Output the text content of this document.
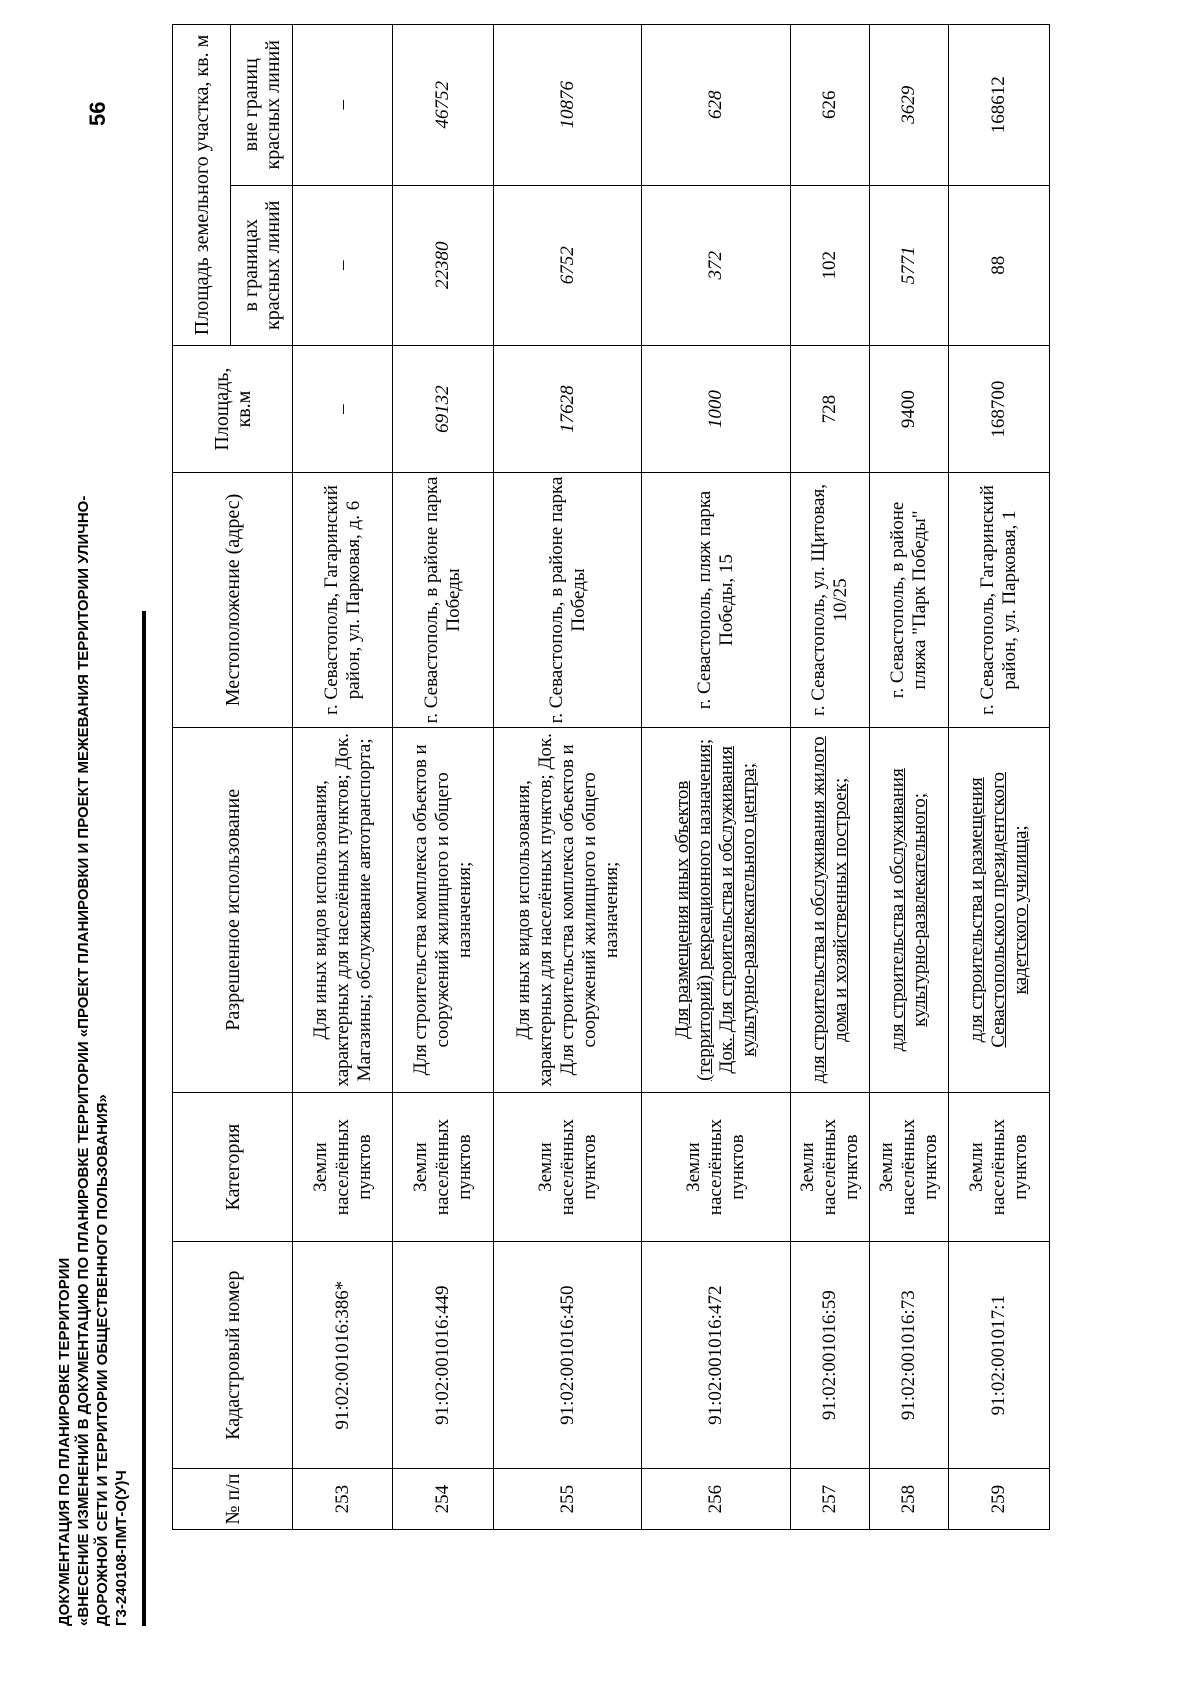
ДОКУМЕНТАЦИЯ ПО ПЛАНИРОВКЕ ТЕРРИТОРИИ «ВНЕСЕНИЕ ИЗМЕНЕНИЙ В ДОКУМЕНТАЦИЮ ПО ПЛАНИРОВКЕ ТЕРРИТОРИИ «ПРОЕКТ ПЛАНИРОВКИ И ПРОЕКТ МЕЖЕВАНИЯ ТЕРРИТОРИИ УЛИЧНО- ДОРОЖНОЙ СЕТИ И ТЕРРИТОРИИ ОБЩЕСТВЕННОГО ПОЛЬЗОВАНИЯ» Г3-240108-ПМТ-О(У)Ч
56
№ п/п	Кадастровый номер	Категория	Разрешенное использование	Местоположение (адрес)	Площадь, кв.м	Площадь земельного участка, кв. м	
						в границах красных линий	вне границ красных линий
253	91:02:001016:386*	Земли населённых пунктов	Для иных видов использования, характерных для населённых пунктов; Док. Магазины; обслуживание автотранспорта;	г. Севастополь, Гагаринский район, ул. Парковая, д. 6	–	–	–
254	91:02:001016:449	Земли населённых пунктов	Для строительства комплекса объектов и сооружений жилищного и общего назначения;	г. Севастополь, в районе парка Победы	69132	22380	46752
255	91:02:001016:450	Земли населённых пунктов	Для иных видов использования, характерных для населённых пунктов; Док. Для строительства комплекса объектов и сооружений жилищного и общего назначения;	г. Севастополь, в районе парка Победы	17628	6752	10876
256	91:02:001016:472	Земли населённых пунктов	Для размещения иных объектов (территорий) рекреационного назначения; Док. Для строительства и обслуживания культурно-развлекательного центра;	г. Севастополь, пляж парка Победы, 15	1000	372	628
257	91:02:001016:59	Земли населённых пунктов	для строительства и обслуживания жилого дома и хозяйственных построек;	г. Севастополь, ул. Щитовая, 10/25	728	102	626
258	91:02:001016:73	Земли населённых пунктов	для строительства и обслуживания культурно-развлекательного;	г. Севастополь, в районе пляжа "Парк Победы"	9400	5771	3629
259	91:02:001017:1	Земли населённых пунктов	для строительства и размещения Севастопольского президентского кадетского училища;	г. Севастополь, Гагаринский район, ул. Парковая, 1	168700	88	168612
